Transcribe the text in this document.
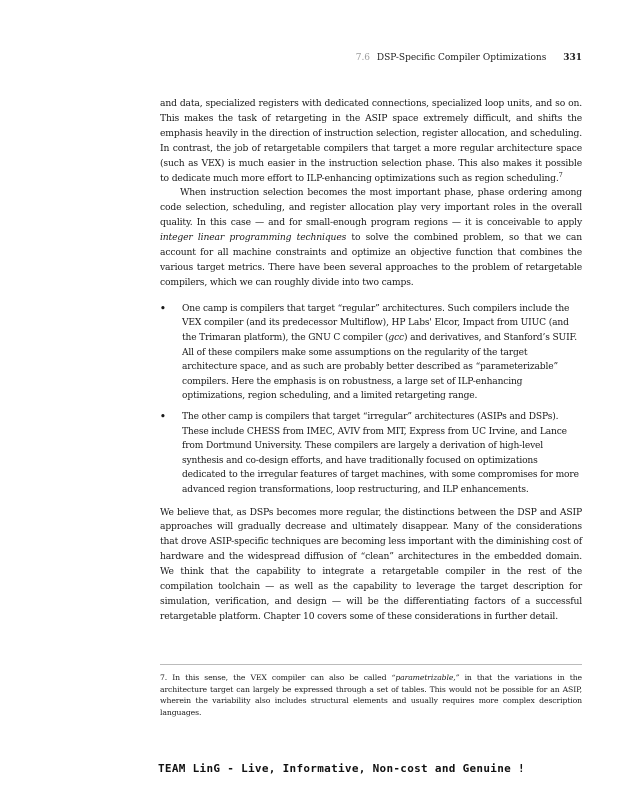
7.6 DSP-Specific Compiler Optimizations 331

and data, specialized registers with dedicated connections, specialized loop units, and so on. This makes the task of retargeting in the ASIP space extremely difficult, and shifts the emphasis heavily in the direction of instruction selection, register allocation, and scheduling. In contrast, the job of retargetable compilers that target a more regular architecture space (such as VEX) is much easier in the instruction selection phase. This also makes it possible to dedicate much more effort to ILP-enhancing optimizations such as region scheduling.$^7$

When instruction selection becomes the most important phase, phase ordering among code selection, scheduling, and register allocation play very important roles in the overall quality. In this case — and for small-enough program regions — it is conceivable to apply integer linear programming techniques to solve the combined problem, so that we can account for all machine constraints and optimize an objective function that combines the various target metrics. There have been several approaches to the problem of retargetable compilers, which we can roughly divide into two camps.

• One camp is compilers that target “regular” architectures. Such compilers include the VEX compiler (and its predecessor Multiflow), HP Labs' Elcor, Impact from UIUC (and the Trimaran platform), the GNU C compiler (gcc) and derivatives, and Stanford’s SUIF. All of these compilers make some assumptions on the regularity of the target architecture space, and as such are probably better described as “parameterizable” compilers. Here the emphasis is on robustness, a large set of ILP-enhancing optimizations, region scheduling, and a limited retargeting range.
• The other camp is compilers that target “irregular” architectures (ASIPs and DSPs). These include CHESS from IMEC, AVIV from MIT, Express from UC Irvine, and Lance from Dortmund University. These compilers are largely a derivation of high-level synthesis and co-design efforts, and have traditionally focused on optimizations dedicated to the irregular features of target machines, with some compromises for more advanced region transformations, loop restructuring, and ILP enhancements.

We believe that, as DSPs becomes more regular, the distinctions between the DSP and ASIP approaches will gradually decrease and ultimately disappear. Many of the considerations that drove ASIP-specific techniques are becoming less important with the diminishing cost of hardware and the widespread diffusion of “clean” architectures in the embedded domain. We think that the capability to integrate a retargetable compiler in the rest of the compilation toolchain — as well as the capability to leverage the target description for simulation, verification, and design — will be the differentiating factors of a successful retargetable platform. Chapter 10 covers some of these considerations in further detail.

7. In this sense, the VEX compiler can also be called “parametrizable,” in that the variations in the architecture target can largely be expressed through a set of tables. This would not be possible for an ASIP, wherein the variability also includes structural elements and usually requires more complex description languages.
TEAM LinG - Live, Informative, Non-cost and Genuine !
